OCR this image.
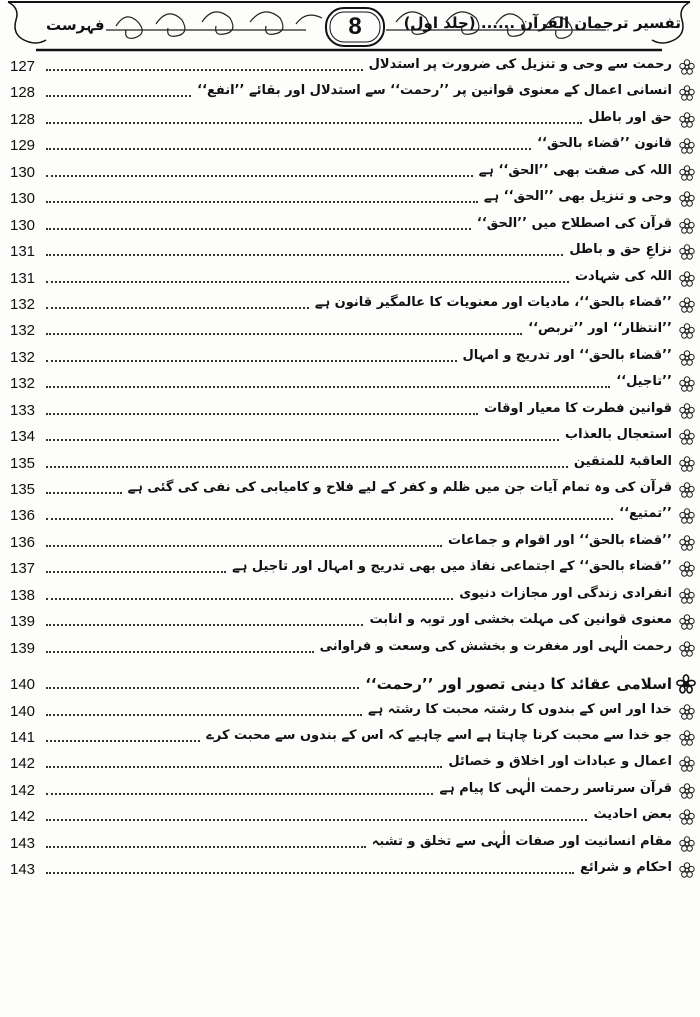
8	تفسیر ترجمان القرآن ...... (جلد اول)
فہرست
127	رحمت سے وحی و تنزیل کی ضرورت پر استدلال
128	انسانی اعمال کے معنوی قوانین پر ’’رحمت‘‘ سے استدلال اور بقائے ’’انفع‘‘
128	حق اور باطل
129	قانون ’’قضاء بالحق‘‘
130	اللہ کی صفت بھی ’’الحق‘‘ ہے
130	وحی و تنزیل بھی ’’الحق‘‘ ہے
130	قرآن کی اصطلاح میں ’’الحق‘‘
131	نزاعِ حق و باطل
131	اللہ کی شہادت
132	’’قضاء بالحق‘‘، مادیات اور معنویات کا عالمگیر قانون ہے
132	’’انتظار‘‘ اور ’’تربص‘‘
132	’’قضاء بالحق‘‘ اور تدریج و امہال
132	’’تاجیل‘‘
133	قوانین فطرت کا معیار اوقات
134	استعجال بالعذاب
135	العاقبۃ للمتقین
135	قرآن کی وہ تمام آیات جن میں ظلم و کفر کے لیے فلاح و کامیابی کی نفی کی گئی ہے
136	’’تمتیع‘‘
136	’’قضاء بالحق‘‘ اور اقوام و جماعات
137	’’قضاء بالحق‘‘ کے اجتماعی نفاذ میں بھی تدریج و امہال اور تاجیل ہے
138	انفرادی زندگی اور مجازات دنیوی
139	معنوی قوانین کی مہلت بخشی اور توبہ و انابت
139	رحمت الٰہی اور مغفرت و بخشش کی وسعت و فراوانی
140	اسلامی عقائد کا دینی تصور اور ’’رحمت‘‘
140	خدا اور اس کے بندوں کا رشتہ محبت کا رشتہ ہے
141	جو خدا سے محبت کرنا چاہتا ہے اسے چاہیے کہ اس کے بندوں سے محبت کرے
142	اعمال و عبادات اور اخلاق و خصائل
142	قرآن سرتاسر رحمت الٰہی کا پیام ہے
142	بعض احادیث
143	مقام انسانیت اور صفات الٰہی سے تخلق و تشبہ
143	احکام و شرائع
